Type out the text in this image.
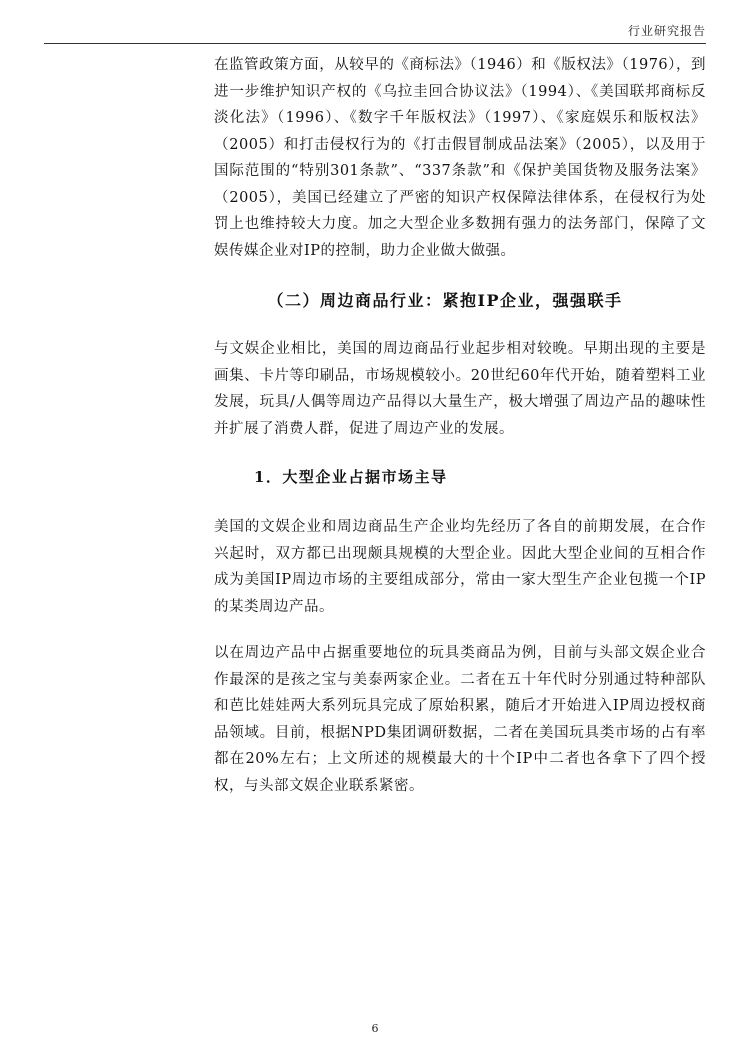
行业研究报告

在监管政策方面，从较早的《商标法》（1946）和《版权法》（1976），到进一步维护知识产权的《乌拉圭回合协议法》（1994）、《美国联邦商标反淡化法》（1996）、《数字千年版权法》（1997）、《家庭娱乐和版权法》（2005）和打击侵权行为的《打击假冒制成品法案》（2005），以及用于国际范围的“特别301条款”、“337条款”和《保护美国货物及服务法案》（2005），美国已经建立了严密的知识产权保障法律体系，在侵权行为处罚上也维持较大力度。加之大型企业多数拥有强力的法务部门，保障了文娱传媒企业对IP的控制，助力企业做大做强。

（二）周边商品行业：紧抱IP企业，强强联手

与文娱企业相比，美国的周边商品行业起步相对较晚。早期出现的主要是画集、卡片等印刷品，市场规模较小。20世纪60年代开始，随着塑料工业发展，玩具/人偶等周边产品得以大量生产，极大增强了周边产品的趣味性并扩展了消费人群，促进了周边产业的发展。

1．大型企业占据市场主导

美国的文娱企业和周边商品生产企业均先经历了各自的前期发展，在合作兴起时，双方都已出现颇具规模的大型企业。因此大型企业间的互相合作成为美国IP周边市场的主要组成部分，常由一家大型生产企业包揽一个IP的某类周边产品。

以在周边产品中占据重要地位的玩具类商品为例，目前与头部文娱企业合作最深的是孩之宝与美泰两家企业。二者在五十年代时分别通过特种部队和芭比娃娃两大系列玩具完成了原始积累，随后才开始进入IP周边授权商品领域。目前，根据NPD集团调研数据，二者在美国玩具类市场的占有率都在20%左右；上文所述的规模最大的十个IP中二者也各拿下了四个授权，与头部文娱企业联系紧密。

6
